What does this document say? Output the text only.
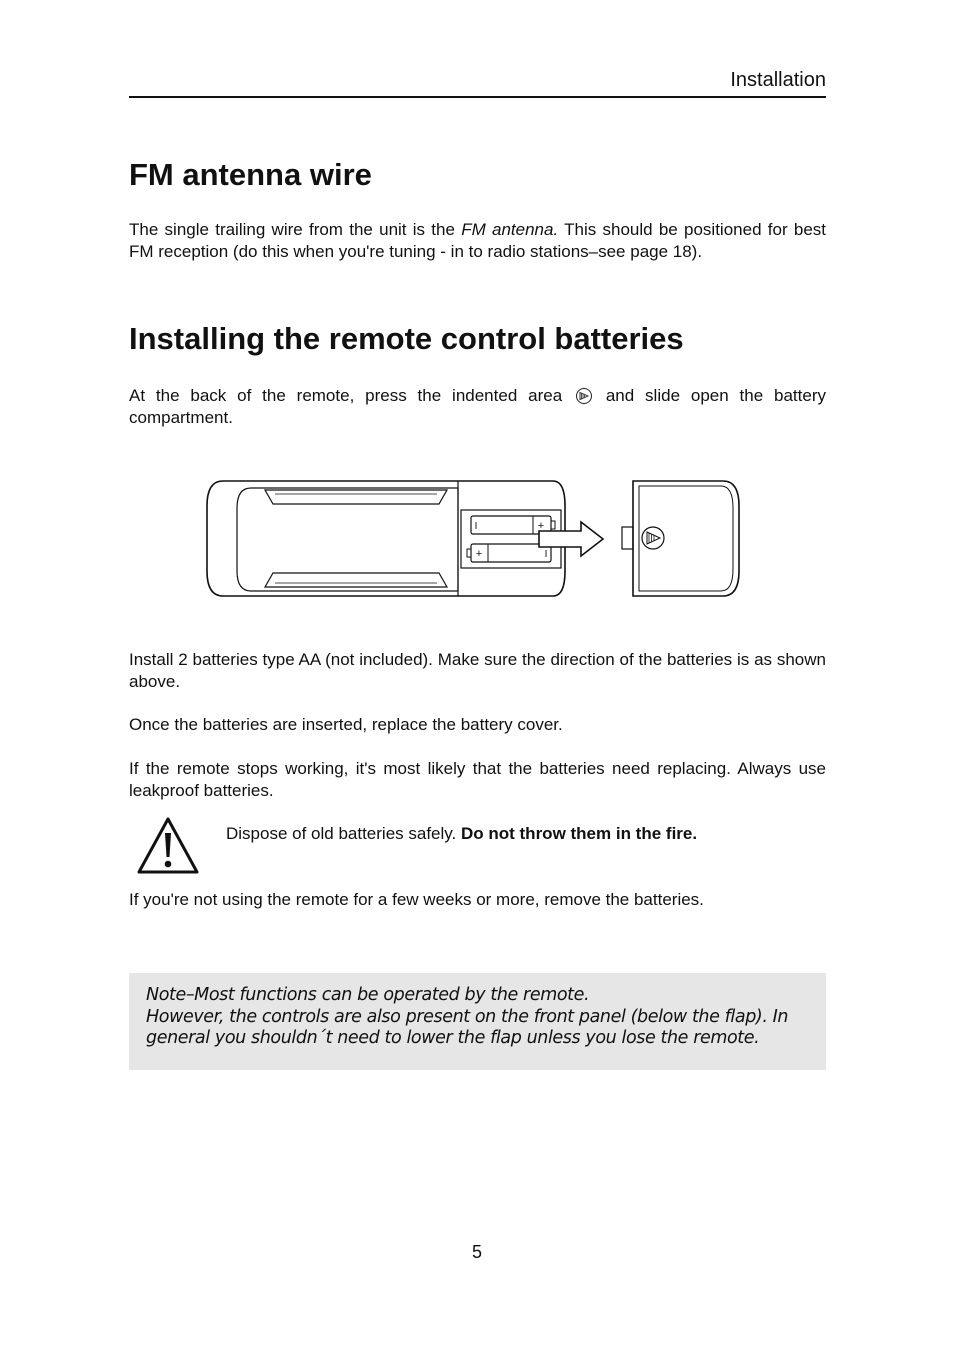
Installation
FM antenna wire

The single trailing wire from the unit is the FM antenna. This should be positioned for best FM reception (do this when you're tuning - in to radio stations–see page 18).

Installing the remote control batteries

At the back of the remote, press the indented area  and slide open the battery compartment.

+
I
+	I

Install 2 batteries type AA (not included). Make sure the direction of the batteries is as shown above.

Once the batteries are inserted, replace the battery cover.

If the remote stops working, it's most likely that the batteries need replacing. Always use leakproof batteries.

Dispose of old batteries safely. Do not throw them in the fire.

If you're not using the remote for a few weeks or more, remove the batteries.

Note–Most functions can be operated by the remote.
However, the controls are also present on the front panel (below the flap). In general you shouldn´t need to lower the flap unless you lose the remote.

5
